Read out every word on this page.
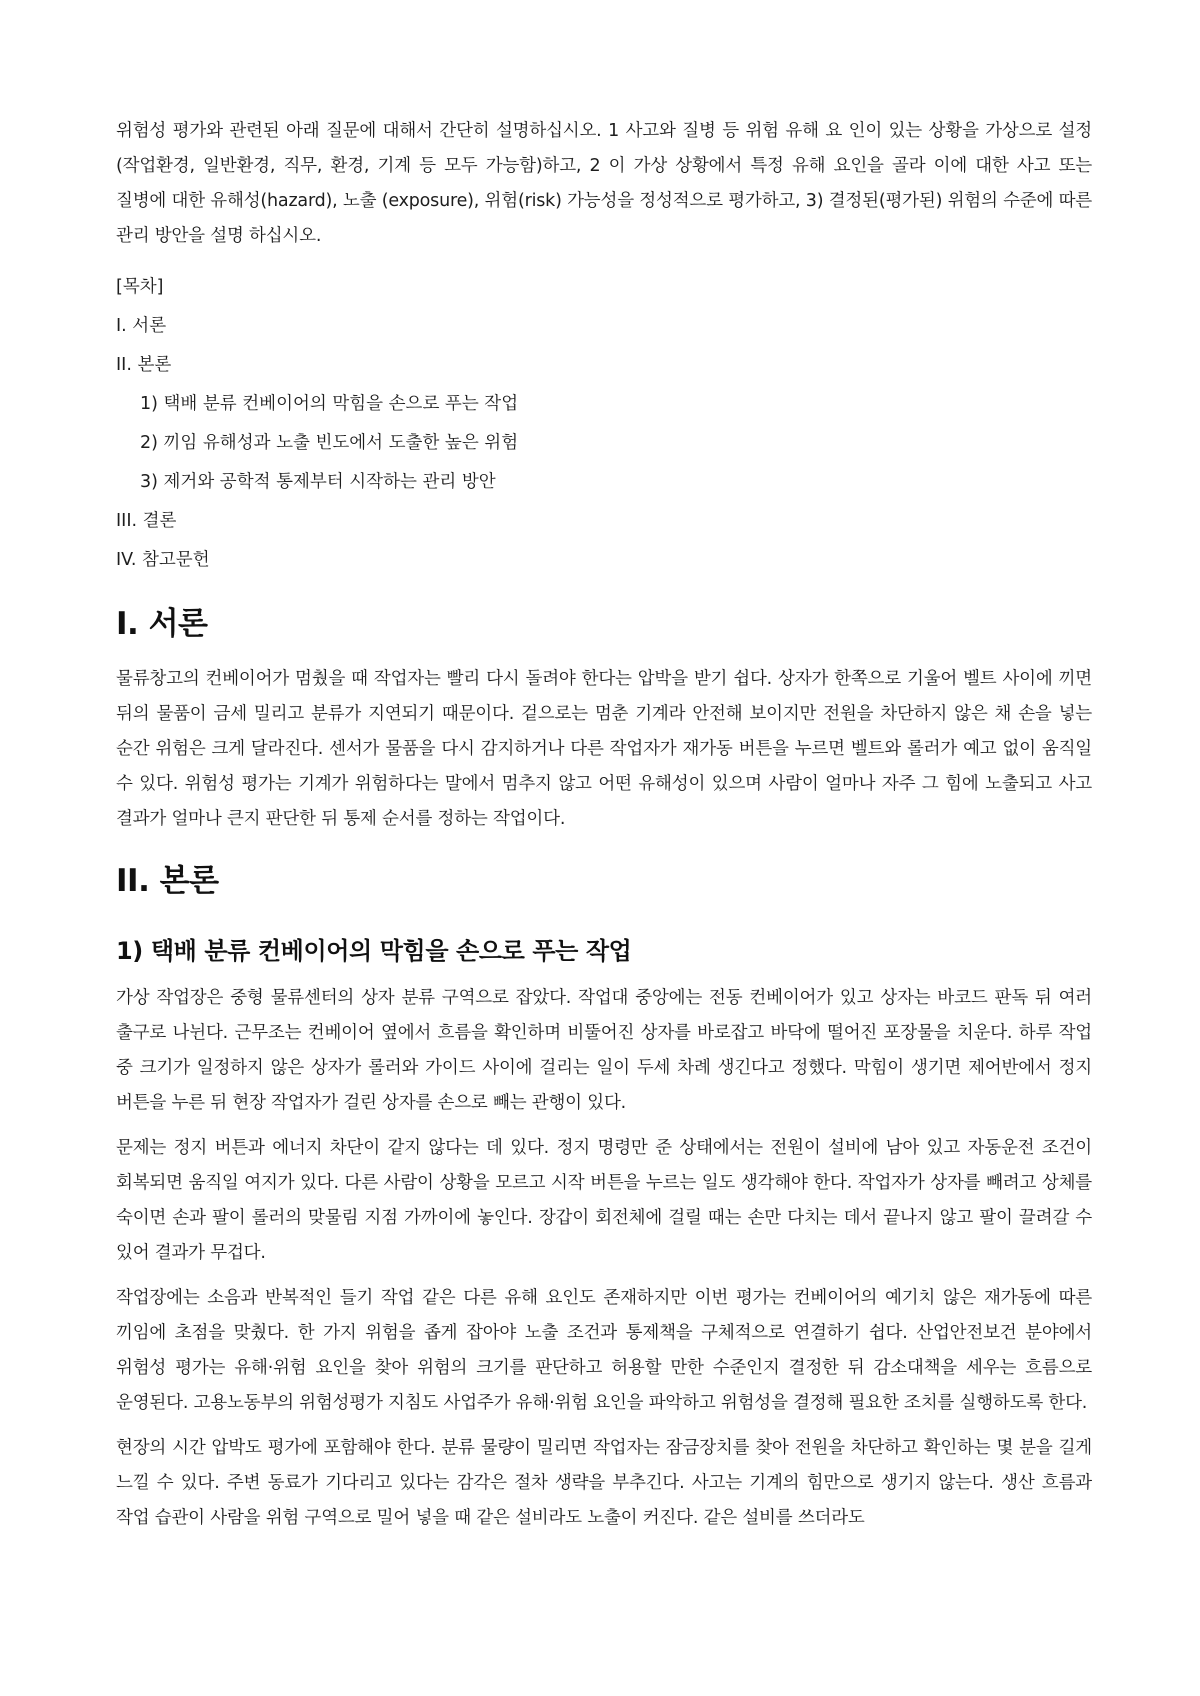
위험성 평가와 관련된 아래 질문에 대해서 간단히 설명하십시오. 1 사고와 질병 등 위험 유해 요 인이 있는 상황을 가상으로 설정(작업환경, 일반환경, 직무, 환경, 기계 등 모두 가능함)하고, 2 이 가상 상황에서 특정 유해 요인을 골라 이에 대한 사고 또는 질병에 대한 유해성(hazard), 노출 (exposure), 위험(risk) 가능성을 정성적으로 평가하고, 3) 결정된(평가된) 위험의 수준에 따른 관리 방안을 설명 하십시오.

[목차]

I. 서론
II. 본론
1) 택배 분류 컨베이어의 막힘을 손으로 푸는 작업
2) 끼임 유해성과 노출 빈도에서 도출한 높은 위험
3) 제거와 공학적 통제부터 시작하는 관리 방안
III. 결론
IV. 참고문헌
I. 서론

물류창고의 컨베이어가 멈췄을 때 작업자는 빨리 다시 돌려야 한다는 압박을 받기 쉽다. 상자가 한쪽으로 기울어 벨트 사이에 끼면 뒤의 물품이 금세 밀리고 분류가 지연되기 때문이다. 겉으로는 멈춘 기계라 안전해 보이지만 전원을 차단하지 않은 채 손을 넣는 순간 위험은 크게 달라진다. 센서가 물품을 다시 감지하거나 다른 작업자가 재가동 버튼을 누르면 벨트와 롤러가 예고 없이 움직일 수 있다. 위험성 평가는 기계가 위험하다는 말에서 멈추지 않고 어떤 유해성이 있으며 사람이 얼마나 자주 그 힘에 노출되고 사고 결과가 얼마나 큰지 판단한 뒤 통제 순서를 정하는 작업이다.

II. 본론
1) 택배 분류 컨베이어의 막힘을 손으로 푸는 작업

가상 작업장은 중형 물류센터의 상자 분류 구역으로 잡았다. 작업대 중앙에는 전동 컨베이어가 있고 상자는 바코드 판독 뒤 여러 출구로 나뉜다. 근무조는 컨베이어 옆에서 흐름을 확인하며 비뚤어진 상자를 바로잡고 바닥에 떨어진 포장물을 치운다. 하루 작업 중 크기가 일정하지 않은 상자가 롤러와 가이드 사이에 걸리는 일이 두세 차례 생긴다고 정했다. 막힘이 생기면 제어반에서 정지 버튼을 누른 뒤 현장 작업자가 걸린 상자를 손으로 빼는 관행이 있다.

문제는 정지 버튼과 에너지 차단이 같지 않다는 데 있다. 정지 명령만 준 상태에서는 전원이 설비에 남아 있고 자동운전 조건이 회복되면 움직일 여지가 있다. 다른 사람이 상황을 모르고 시작 버튼을 누르는 일도 생각해야 한다. 작업자가 상자를 빼려고 상체를 숙이면 손과 팔이 롤러의 맞물림 지점 가까이에 놓인다. 장갑이 회전체에 걸릴 때는 손만 다치는 데서 끝나지 않고 팔이 끌려갈 수 있어 결과가 무겁다.

작업장에는 소음과 반복적인 들기 작업 같은 다른 유해 요인도 존재하지만 이번 평가는 컨베이어의 예기치 않은 재가동에 따른 끼임에 초점을 맞췄다. 한 가지 위험을 좁게 잡아야 노출 조건과 통제책을 구체적으로 연결하기 쉽다. 산업안전보건 분야에서 위험성 평가는 유해·위험 요인을 찾아 위험의 크기를 판단하고 허용할 만한 수준인지 결정한 뒤 감소대책을 세우는 흐름으로 운영된다. 고용노동부의 위험성평가 지침도 사업주가 유해·위험 요인을 파악하고 위험성을 결정해 필요한 조치를 실행하도록 한다.

현장의 시간 압박도 평가에 포함해야 한다. 분류 물량이 밀리면 작업자는 잠금장치를 찾아 전원을 차단하고 확인하는 몇 분을 길게 느낄 수 있다. 주변 동료가 기다리고 있다는 감각은 절차 생략을 부추긴다. 사고는 기계의 힘만으로 생기지 않는다. 생산 흐름과 작업 습관이 사람을 위험 구역으로 밀어 넣을 때 같은 설비라도 노출이 커진다. 같은 설비를 쓰더라도
